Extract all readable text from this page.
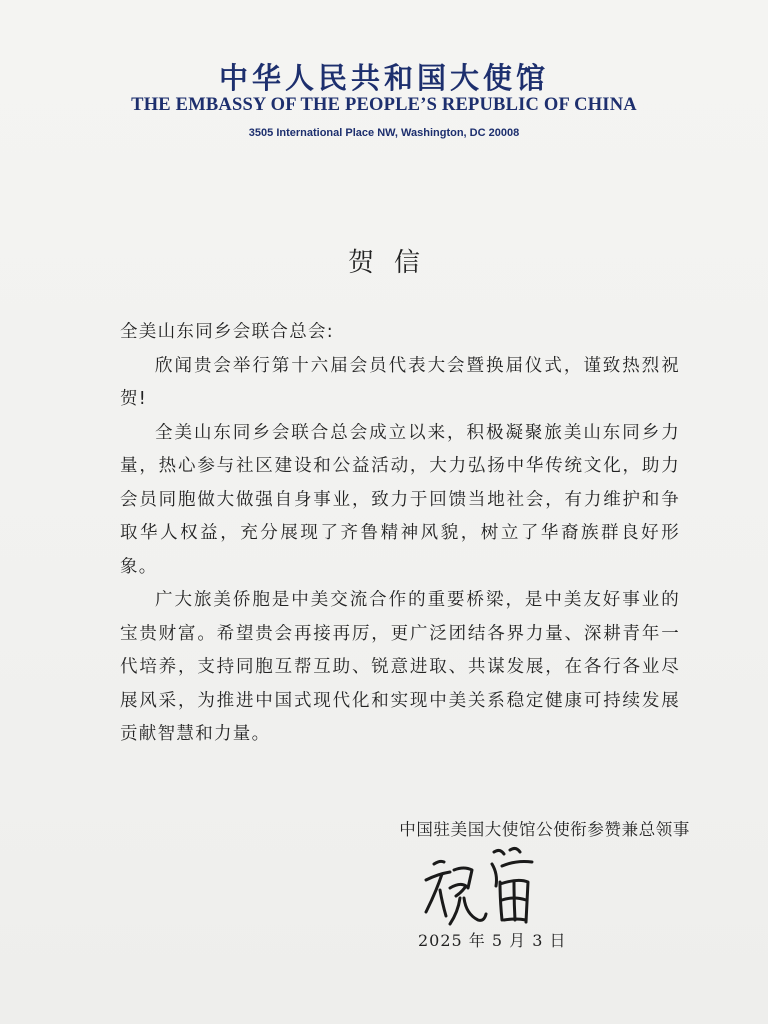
中华人民共和国大使馆
THE EMBASSY OF THE PEOPLE’S REPUBLIC OF CHINA
3505 International Place NW, Washington, DC 20008
贺信

全美山东同乡会联合总会:

欣闻贵会举行第十六届会员代表大会暨换届仪式，谨致热烈祝贺!

全美山东同乡会联合总会成立以来，积极凝聚旅美山东同乡力量，热心参与社区建设和公益活动，大力弘扬中华传统文化，助力会员同胞做大做强自身事业，致力于回馈当地社会，有力维护和争取华人权益，充分展现了齐鲁精神风貌，树立了华裔族群良好形象。

广大旅美侨胞是中美交流合作的重要桥梁，是中美友好事业的宝贵财富。希望贵会再接再厉，更广泛团结各界力量、深耕青年一代培养，支持同胞互帮互助、锐意进取、共谋发展，在各行各业尽展风采，为推进中国式现代化和实现中美关系稳定健康可持续发展贡献智慧和力量。

中国驻美国大使馆公使衔参赞兼总领事
2025 年 5 月 3 日
